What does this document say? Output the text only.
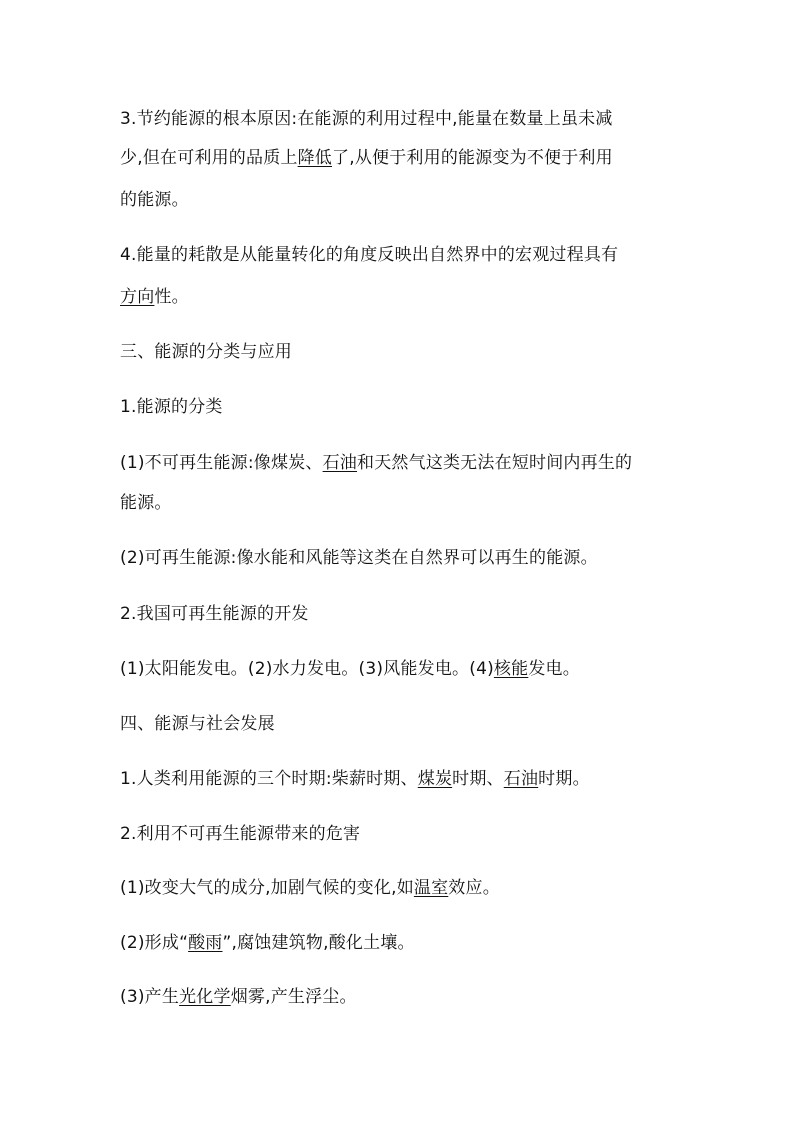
3.节约能源的根本原因:在能源的利用过程中,能量在数量上虽未减
少,但在可利用的品质上降低了,从便于利用的能源变为不便于利用
的能源。
4.能量的耗散是从能量转化的角度反映出自然界中的宏观过程具有
方向性。
三、能源的分类与应用
1.能源的分类
(1)不可再生能源:像煤炭、石油和天然气这类无法在短时间内再生的
能源。
(2)可再生能源:像水能和风能等这类在自然界可以再生的能源。
2.我国可再生能源的开发
(1)太阳能发电。(2)水力发电。(3)风能发电。(4)核能发电。
四、能源与社会发展
1.人类利用能源的三个时期:柴薪时期、煤炭时期、石油时期。
2.利用不可再生能源带来的危害
(1)改变大气的成分,加剧气候的变化,如温室效应。
(2)形成“酸雨”,腐蚀建筑物,酸化土壤。
(3)产生光化学烟雾,产生浮尘。
